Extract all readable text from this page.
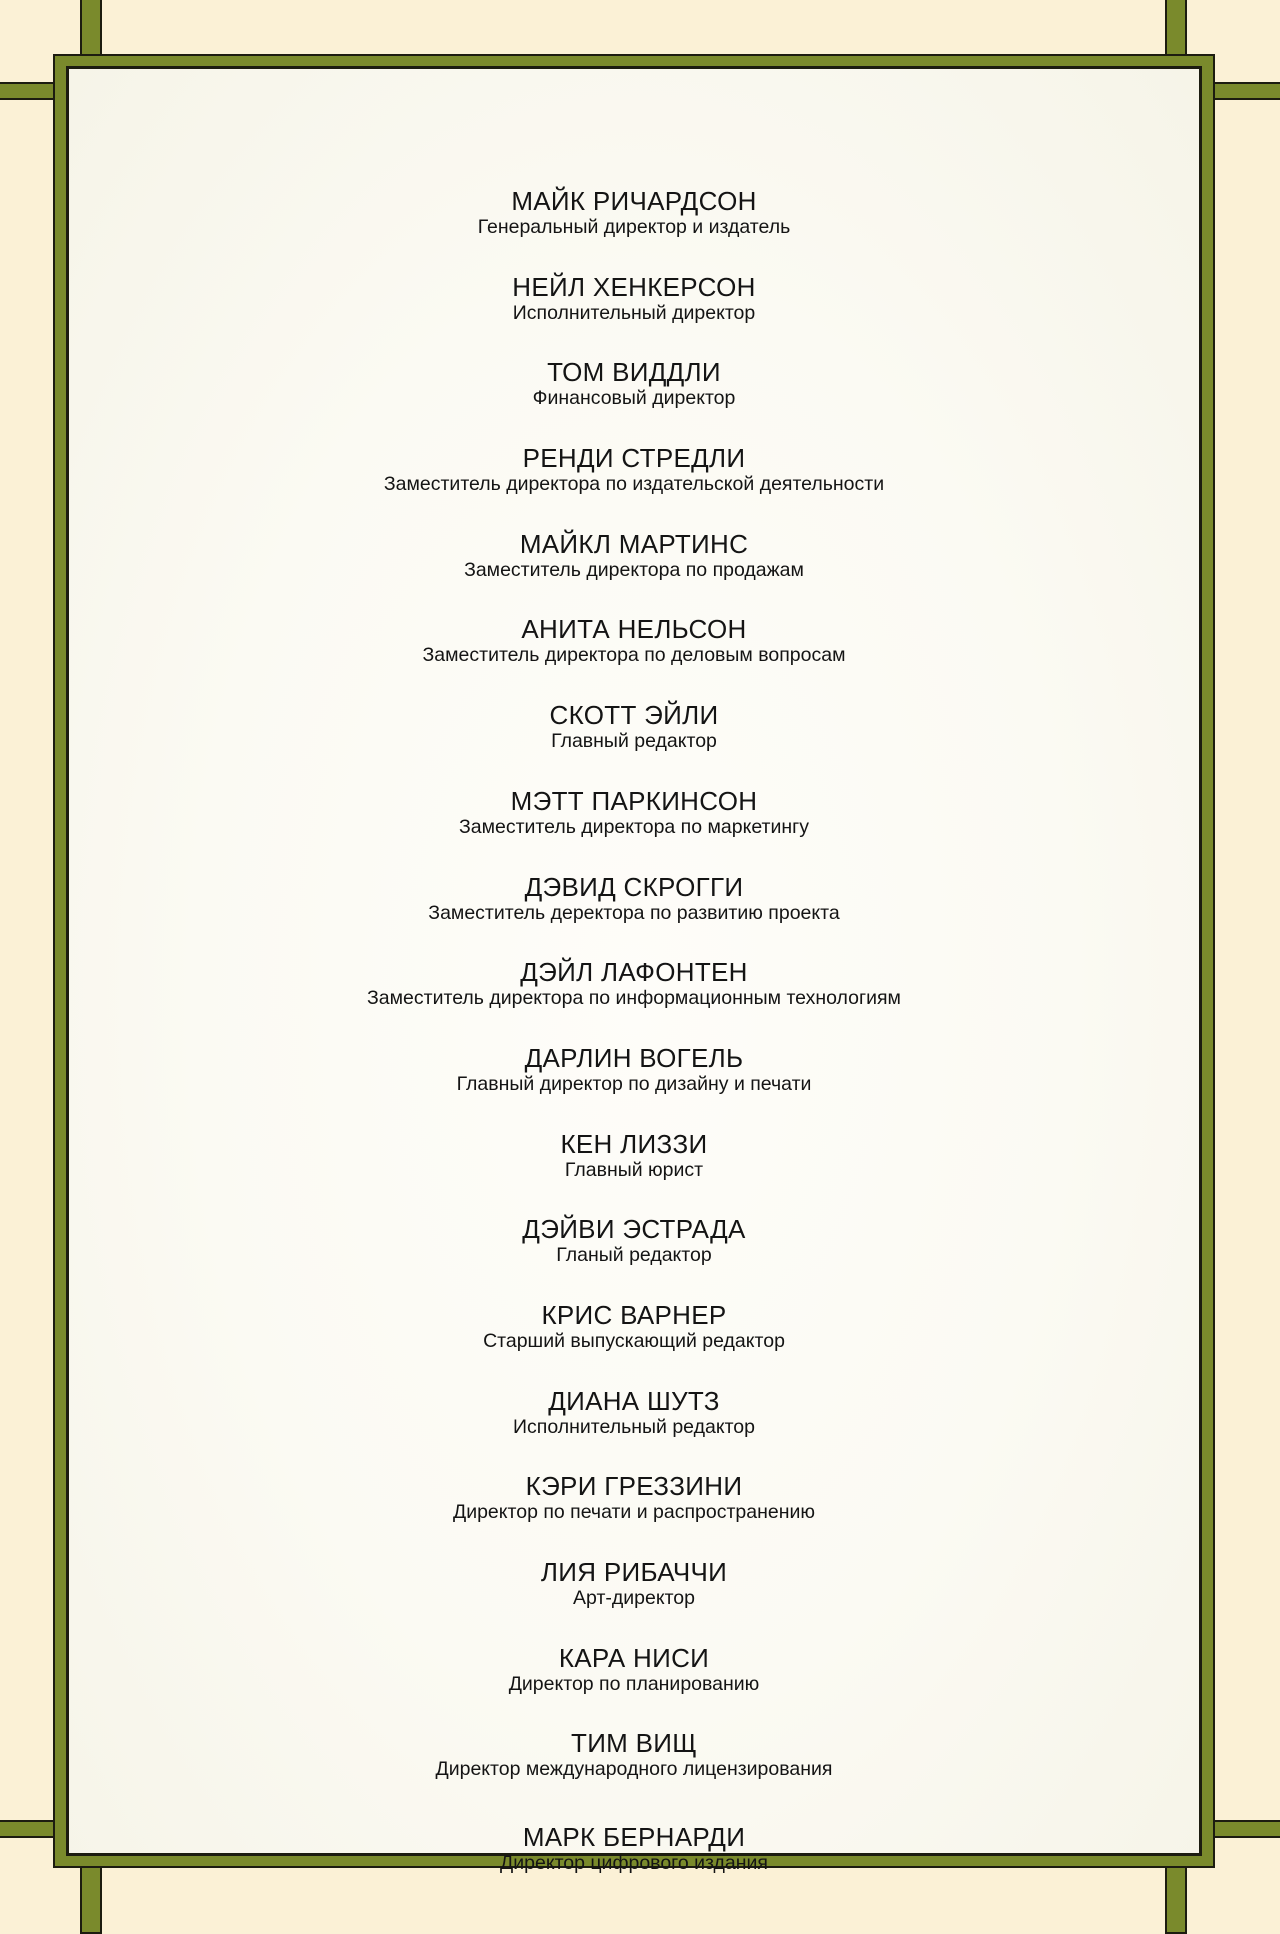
МАЙК РИЧАРДСОН
Генеральный директор и издатель
НЕЙЛ ХЕНКЕРСОН
Исполнительный директор
ТОМ ВИДДЛИ
Финансовый директор
РЕНДИ СТРЕДЛИ
Заместитель директора по издательской деятельности
МАЙКЛ МАРТИНС
Заместитель директора по продажам
АНИТА НЕЛЬСОН
Заместитель директора по деловым вопросам
СКОТТ ЭЙЛИ
Главный редактор
МЭТТ ПАРКИНСОН
Заместитель директора по маркетингу
ДЭВИД СКРОГГИ
Заместитель деректора по развитию проекта
ДЭЙЛ ЛАФОНТЕН
Заместитель директора по информационным технологиям
ДАРЛИН ВОГЕЛЬ
Главный директор по дизайну и печати
КЕН ЛИЗЗИ
Главный юрист
ДЭЙВИ ЭСТРАДА
Гланый редактор
КРИС ВАРНЕР
Старший выпускающий редактор
ДИАНА ШУТЗ
Исполнительный редактор
КЭРИ ГРЕЗЗИНИ
Директор по печати и распространению
ЛИЯ РИБАЧЧИ
Арт-директор
КАРА НИСИ
Директор по планированию
ТИМ ВИЩ
Директор международного лицензирования
МАРК БЕРНАРДИ
Директор цифрового издания
